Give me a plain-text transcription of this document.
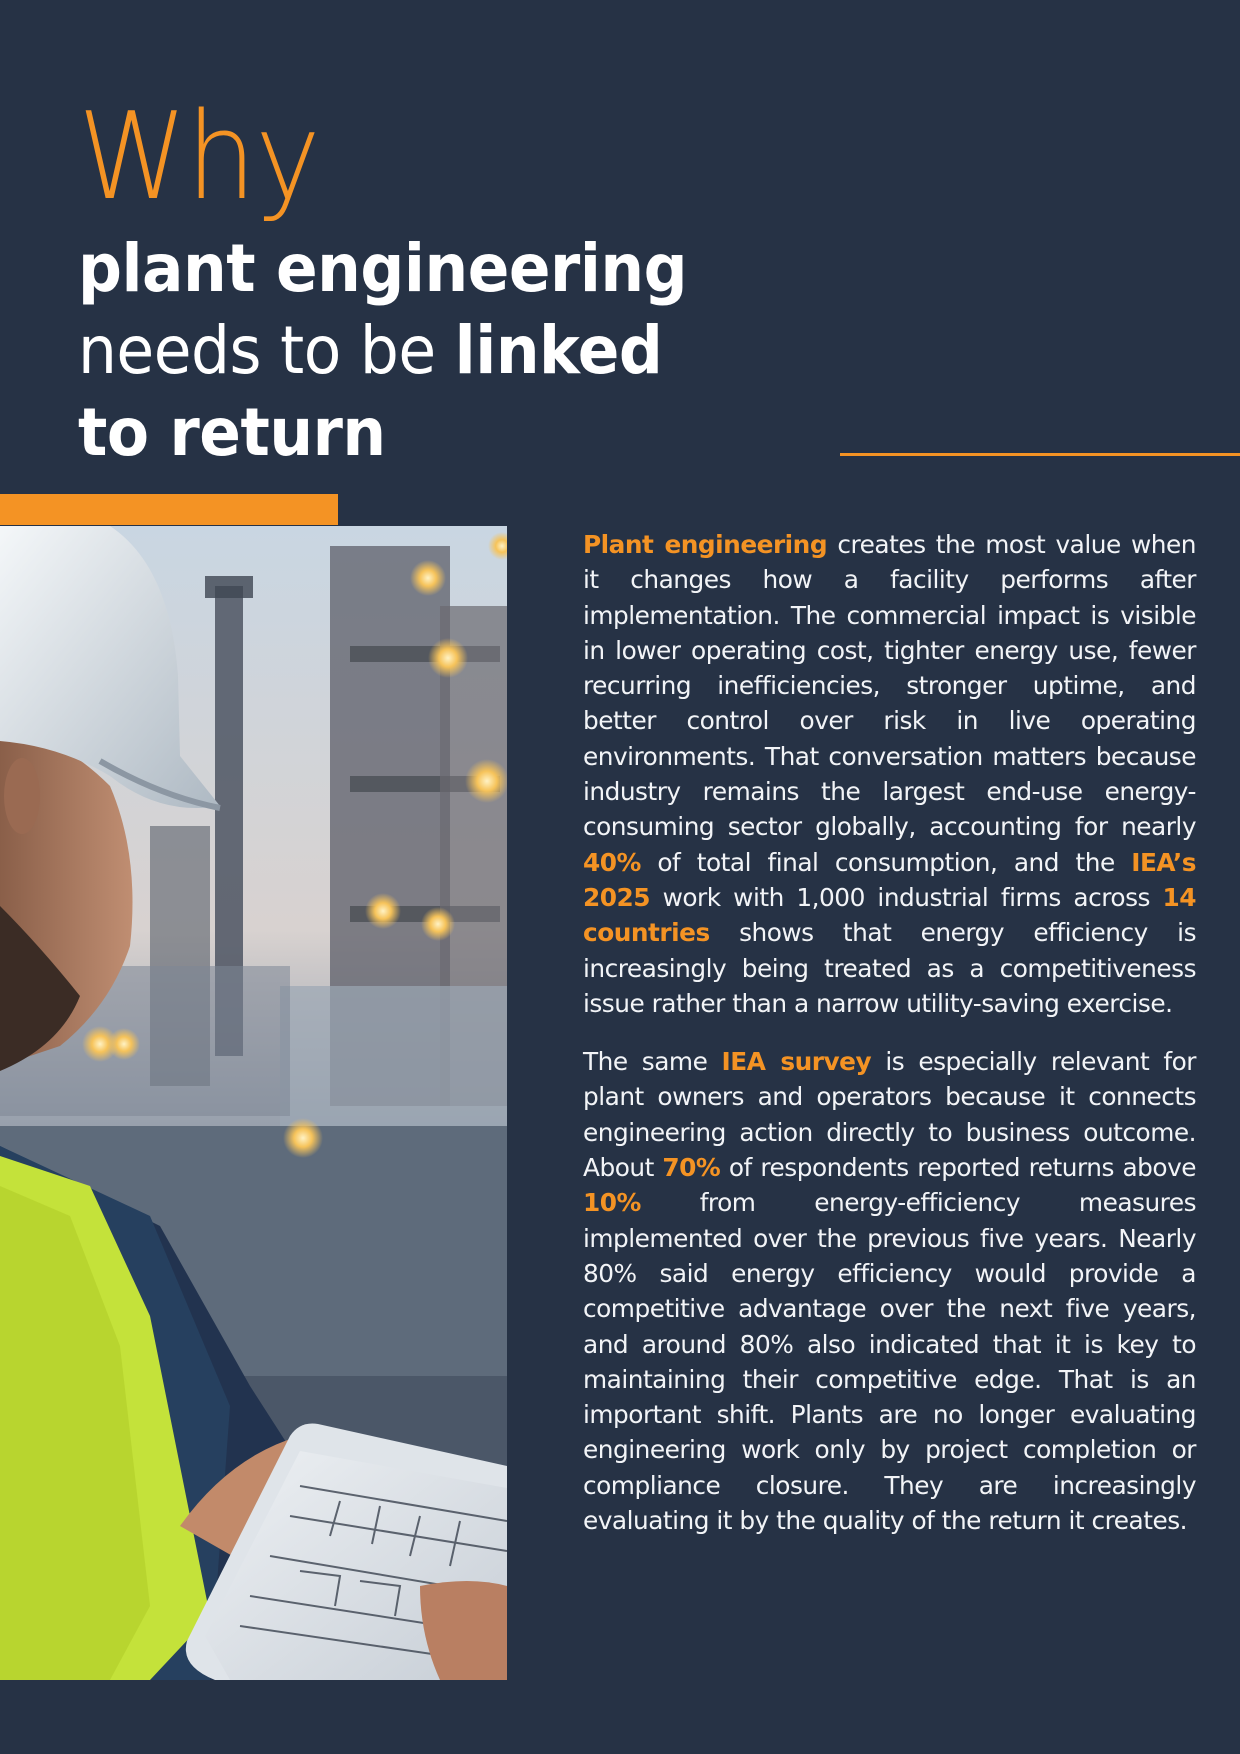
Why
plant engineering
needs to be linked
to return

Plant engineering creates the most value when it changes how a facility performs after implementation. The commercial impact is visible in lower operating cost, tighter energy use, fewer recurring inefficiencies, stronger uptime, and better control over risk in live operating environments. That conversation matters because industry remains the largest end-use energy-consuming sector globally, accounting for nearly 40% of total final consumption, and the IEA’s 2025 work with 1,000 industrial firms across 14 countries shows that energy efficiency is increasingly being treated as a competitiveness issue rather than a narrow utility-saving exercise.

The same IEA survey is especially relevant for plant owners and operators because it connects engineering action directly to business outcome. About 70% of respondents reported returns above 10% from energy-efficiency measures implemented over the previous five years. Nearly 80% said energy efficiency would provide a competitive advantage over the next five years, and around 80% also indicated that it is key to maintaining their competitive edge. That is an important shift. Plants are no longer evaluating engineering work only by project completion or compliance closure. They are increasingly evaluating it by the quality of the return it creates.
